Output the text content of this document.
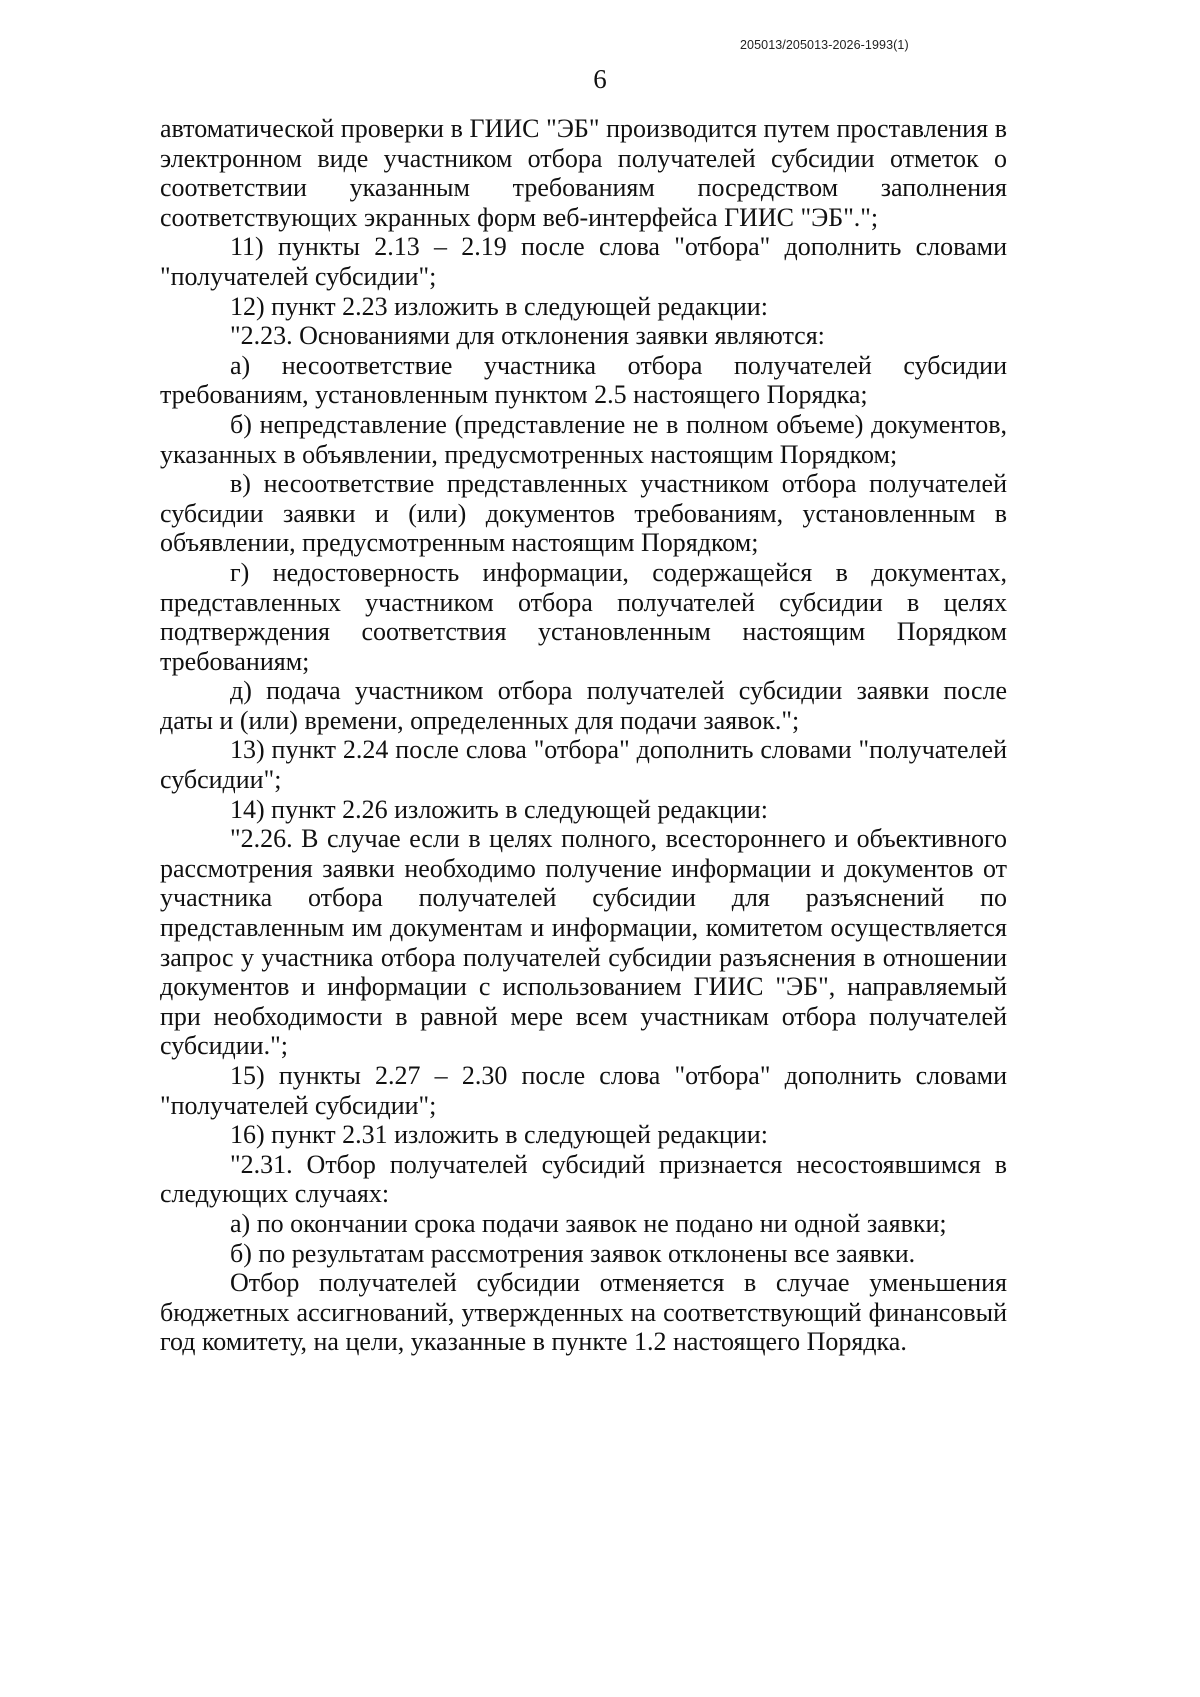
205013/205013-2026-1993(1)
6

автоматической проверки в ГИИС "ЭБ" производится путем проставления в электронном виде участником отбора получателей субсидии отметок о соответствии указанным требованиям посредством заполнения соответствующих экранных форм веб-интерфейса ГИИС "ЭБ".";

11) пункты 2.13 – 2.19 после слова "отбора" дополнить словами "получателей субсидии";

12) пункт 2.23 изложить в следующей редакции:

"2.23. Основаниями для отклонения заявки являются:

а) несоответствие участника отбора получателей субсидии требованиям, установленным пунктом 2.5 настоящего Порядка;

б) непредставление (представление не в полном объеме) документов, указанных в объявлении, предусмотренных настоящим Порядком;

в) несоответствие представленных участником отбора получателей субсидии заявки и (или) документов требованиям, установленным в объявлении, предусмотренным настоящим Порядком;

г) недостоверность информации, содержащейся в документах, представленных участником отбора получателей субсидии в целях подтверждения соответствия установленным настоящим Порядком требованиям;

д) подача участником отбора получателей субсидии заявки после даты и (или) времени, определенных для подачи заявок.";

13) пункт 2.24 после слова "отбора" дополнить словами "получателей субсидии";

14) пункт 2.26 изложить в следующей редакции:

"2.26. В случае если в целях полного, всестороннего и объективного рассмотрения заявки необходимо получение информации и документов от участника отбора получателей субсидии для разъяснений по представленным им документам и информации, комитетом осуществляется запрос у участника отбора получателей субсидии разъяснения в отношении документов и информации с использованием ГИИС "ЭБ", направляемый при необходимости в равной мере всем участникам отбора получателей субсидии.";

15) пункты 2.27 – 2.30 после слова "отбора" дополнить словами "получателей субсидии";

16) пункт 2.31 изложить в следующей редакции:

"2.31. Отбор получателей субсидий признается несостоявшимся в следующих случаях:

а) по окончании срока подачи заявок не подано ни одной заявки;

б) по результатам рассмотрения заявок отклонены все заявки.

Отбор получателей субсидии отменяется в случае уменьшения бюджетных ассигнований, утвержденных на соответствующий финансовый год комитету, на цели, указанные в пункте 1.2 настоящего Порядка.
